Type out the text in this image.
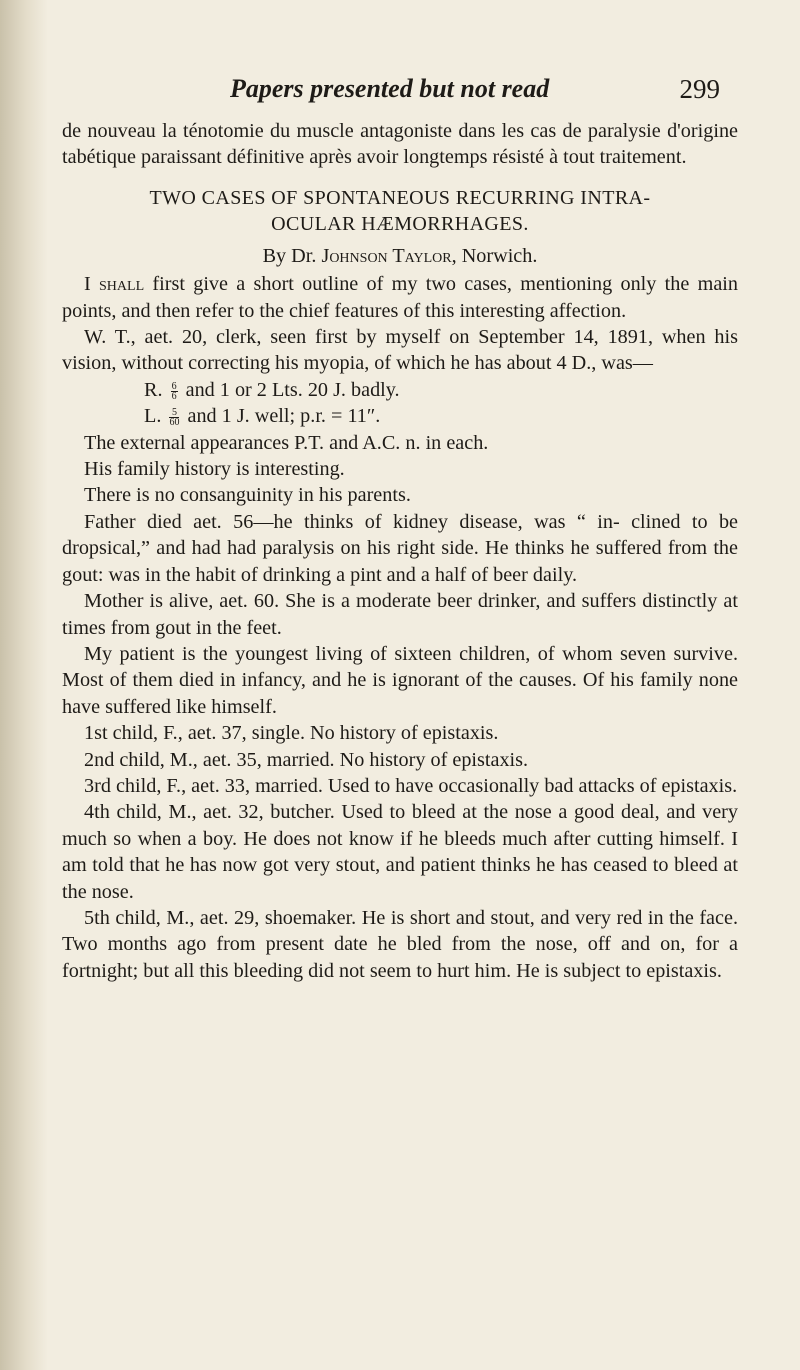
Papers presented but not read	299

de nouveau la ténotomie du muscle antagoniste dans les cas de paralysie d'origine tabétique paraissant définitive après avoir longtemps résisté à tout traitement.

TWO CASES OF SPONTANEOUS RECURRING INTRA-
OCULAR HÆMORRHAGES.

By Dr. Johnson Taylor, Norwich.

I shall first give a short outline of my two cases, mentioning only the main points, and then refer to the chief features of this interesting affection.

W. T., aet. 20, clerk, seen first by myself on September 14, 1891, when his vision, without correcting his myopia, of which he has about 4 D., was—

R. $\frac{6}{6}$ and 1 or 2 Lts. 20 J. badly.

L. $\frac{5}{60}$ and 1 J. well; p.r. = 11″.

The external appearances P.T. and A.C. n. in each.

His family history is interesting.

There is no consanguinity in his parents.

Father died aet. 56—he thinks of kidney disease, was “ in- clined to be dropsical,” and had had paralysis on his right side. He thinks he suffered from the gout: was in the habit of drinking a pint and a half of beer daily.

Mother is alive, aet. 60. She is a moderate beer drinker, and suffers distinctly at times from gout in the feet.

My patient is the youngest living of sixteen children, of whom seven survive. Most of them died in infancy, and he is ignorant of the causes. Of his family none have suffered like himself.

1st child, F., aet. 37, single. No history of epistaxis.

2nd child, M., aet. 35, married. No history of epistaxis.

3rd child, F., aet. 33, married. Used to have occasionally bad attacks of epistaxis.

4th child, M., aet. 32, butcher. Used to bleed at the nose a good deal, and very much so when a boy. He does not know if he bleeds much after cutting himself. I am told that he has now got very stout, and patient thinks he has ceased to bleed at the nose.

5th child, M., aet. 29, shoemaker. He is short and stout, and very red in the face. Two months ago from present date he bled from the nose, off and on, for a fortnight; but all this bleeding did not seem to hurt him. He is subject to epistaxis.
